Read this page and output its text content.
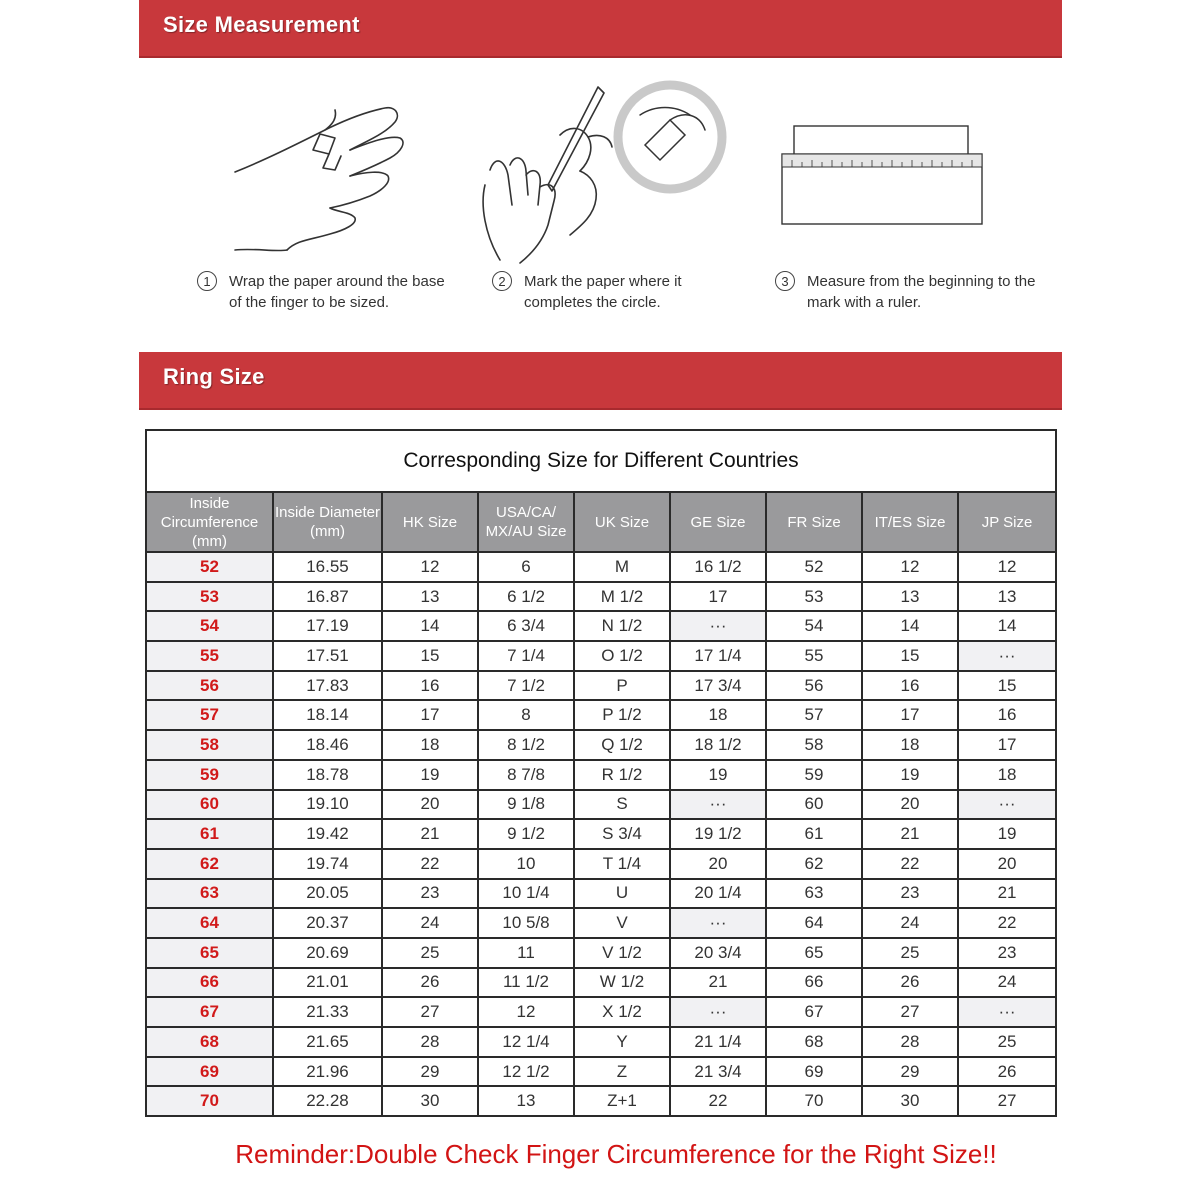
Size Measurement
1	Wrap the paper around the base of the finger to be sized.
2	Mark the paper where it completes the circle.
3	Measure from the beginning to the mark with a ruler.
Ring Size
Corresponding Size for Different Countries								
Inside Circumference (mm)	Inside Diameter (mm)	HK Size	USA/CA/ MX/AU Size	UK Size	GE Size	FR Size	IT/ES Size	JP Size
52	16.55	12	6	M	16 1/2	52	12	12
53	16.87	13	6 1/2	M 1/2	17	53	13	13
54	17.19	14	6 3/4	N 1/2	···	54	14	14
55	17.51	15	7 1/4	O 1/2	17 1/4	55	15	···
56	17.83	16	7 1/2	P	17 3/4	56	16	15
57	18.14	17	8	P 1/2	18	57	17	16
58	18.46	18	8 1/2	Q 1/2	18 1/2	58	18	17
59	18.78	19	8 7/8	R 1/2	19	59	19	18
60	19.10	20	9 1/8	S	···	60	20	···
61	19.42	21	9 1/2	S 3/4	19 1/2	61	21	19
62	19.74	22	10	T 1/4	20	62	22	20
63	20.05	23	10 1/4	U	20 1/4	63	23	21
64	20.37	24	10 5/8	V	···	64	24	22
65	20.69	25	11	V 1/2	20 3/4	65	25	23
66	21.01	26	11 1/2	W 1/2	21	66	26	24
67	21.33	27	12	X 1/2	···	67	27	···
68	21.65	28	12 1/4	Y	21 1/4	68	28	25
69	21.96	29	12 1/2	Z	21 3/4	69	29	26
70	22.28	30	13	Z+1	22	70	30	27
Reminder:Double Check Finger Circumference for the Right Size!!
